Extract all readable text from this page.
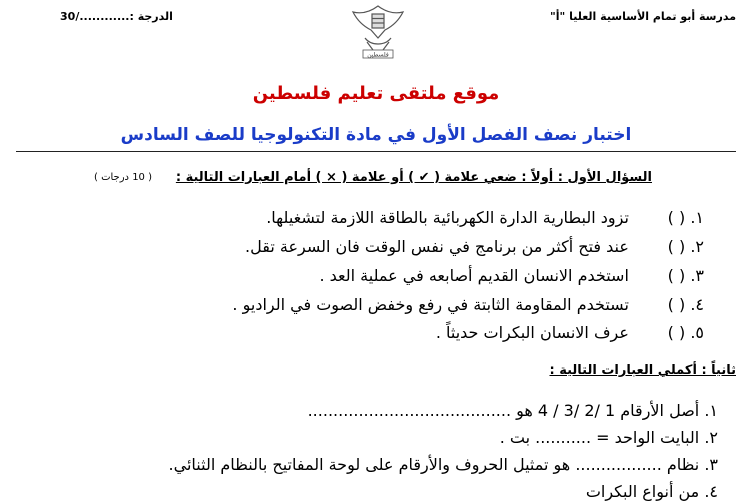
مدرسة أبو تمام الأساسية العليا "أ"
فلسطين
الدرجة :............/30
موقع ملتقى تعليم فلسطين
اختبار نصف الفصل الأول في مادة التكنولوجيا للصف السادس
السؤال الأول : أولاً : ضعي علامة ( ✔ ) أو علامة ( × ) أمام العبارات التالية :
( 10 درجات )
١. ( ) تزود البطارية الدارة الكهربائية بالطاقة اللازمة لتشغيلها.
٢. ( ) عند فتح أكثر من برنامج في نفس الوقت فان السرعة تقل.
٣. ( ) استخدم الانسان القديم أصابعه في عملية العد .
٤. ( ) تستخدم المقاومة الثابتة في رفع وخفض الصوت في الراديو .
٥. ( ) عرف الانسان البكرات حديثاً .
ثانياً : أكملي العبارات التالية :
١. أصل الأرقام 1 /2 /3 / 4 هو ........................................
٢. البايت الواحد = ........... بت .
٣. نظام ................. هو تمثيل الحروف والأرقام على لوحة المفاتيح بالنظام الثنائي.
٤. من أنواع البكرات
